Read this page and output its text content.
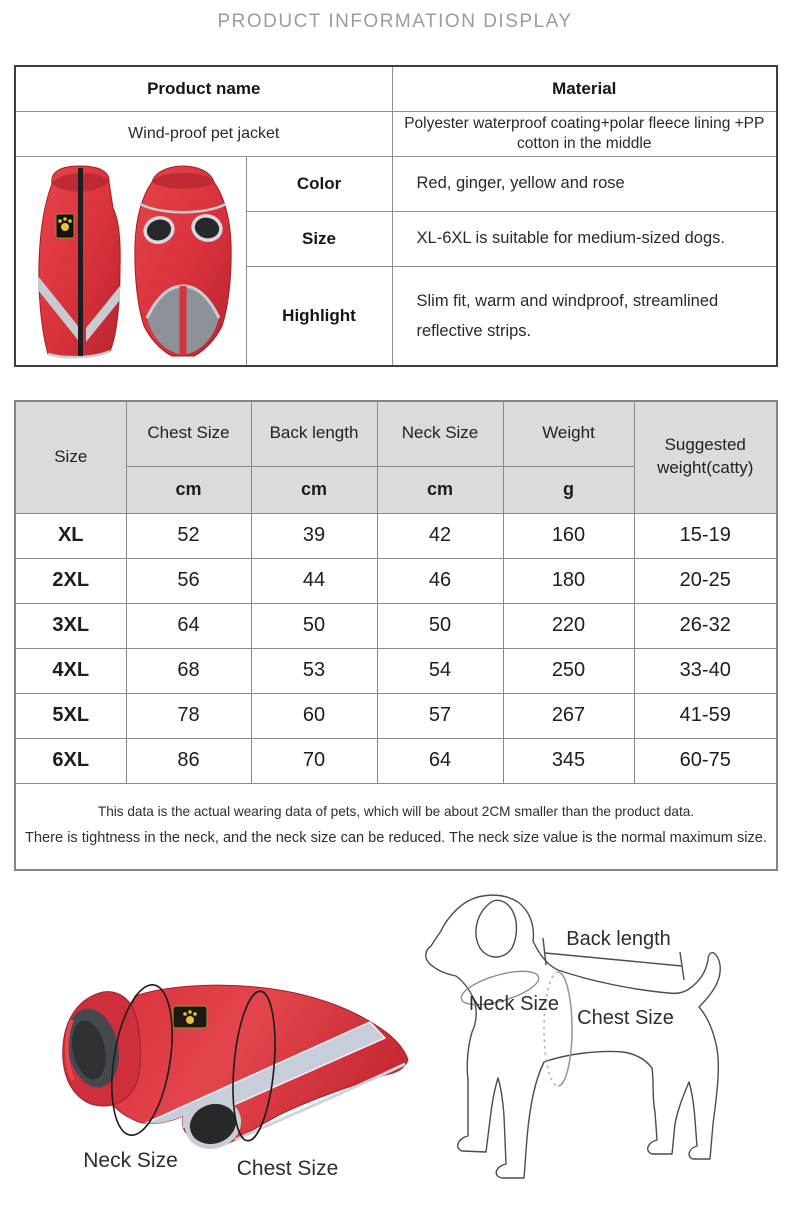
PRODUCT INFORMATION DISPLAY
Product name		Material
Wind-proof pet jacket		Polyester waterproof coating+polar fleece lining +PP cotton in the middle

	Color	Red, ginger, yellow and rose
	Size	XL-6XL is suitable for medium-sized dogs.
	Highlight	Slim fit, warm and windproof, streamlined reflective strips.
Size	Chest Size	Back length	Neck Size	Weight	Suggested weight(catty)
	cm	cm	cm	g	
XL	52	39	42	160	15-19
2XL	56	44	46	180	20-25
3XL	64	50	50	220	26-32
4XL	68	53	54	250	33-40
5XL	78	60	57	267	41-59
6XL	86	70	64	345	60-75

This data is the actual wearing data of pets, which will be about 2CM smaller than the product data.
There is tightness in the neck, and the neck size can be reduced. The neck size value is the normal maximum size.					
Back length
Neck Size
Chest Size
Neck Size	Chest Size
